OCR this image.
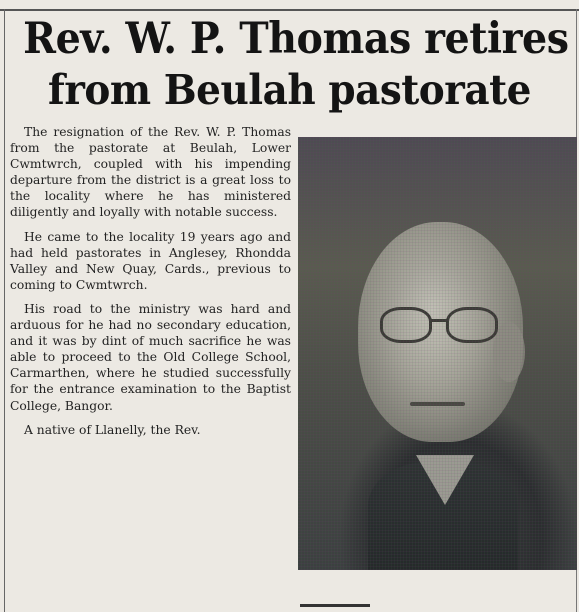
Rev. W. P. Thomas retires
from Beulah pastorate

The resignation of the Rev. W. P. Thomas from the pastorate at Beulah, Lower Cwmtwrch, coupled with his impending departure from the district is a great loss to the locality where he has ministered diligently and loyally with notable success.

He came to the locality 19 years ago and had held pastorates in Anglesey, Rhondda Valley and New Quay, Cards., previous to coming to Cwmtwrch.

His road to the ministry was hard and arduous for he had no secondary education, and it was by dint of much sacrifice he was able to proceed to the Old College School, Carmarthen, where he studied successfully for the entrance examination to the Baptist College, Bangor.

A native of Llanelly, the Rev.
